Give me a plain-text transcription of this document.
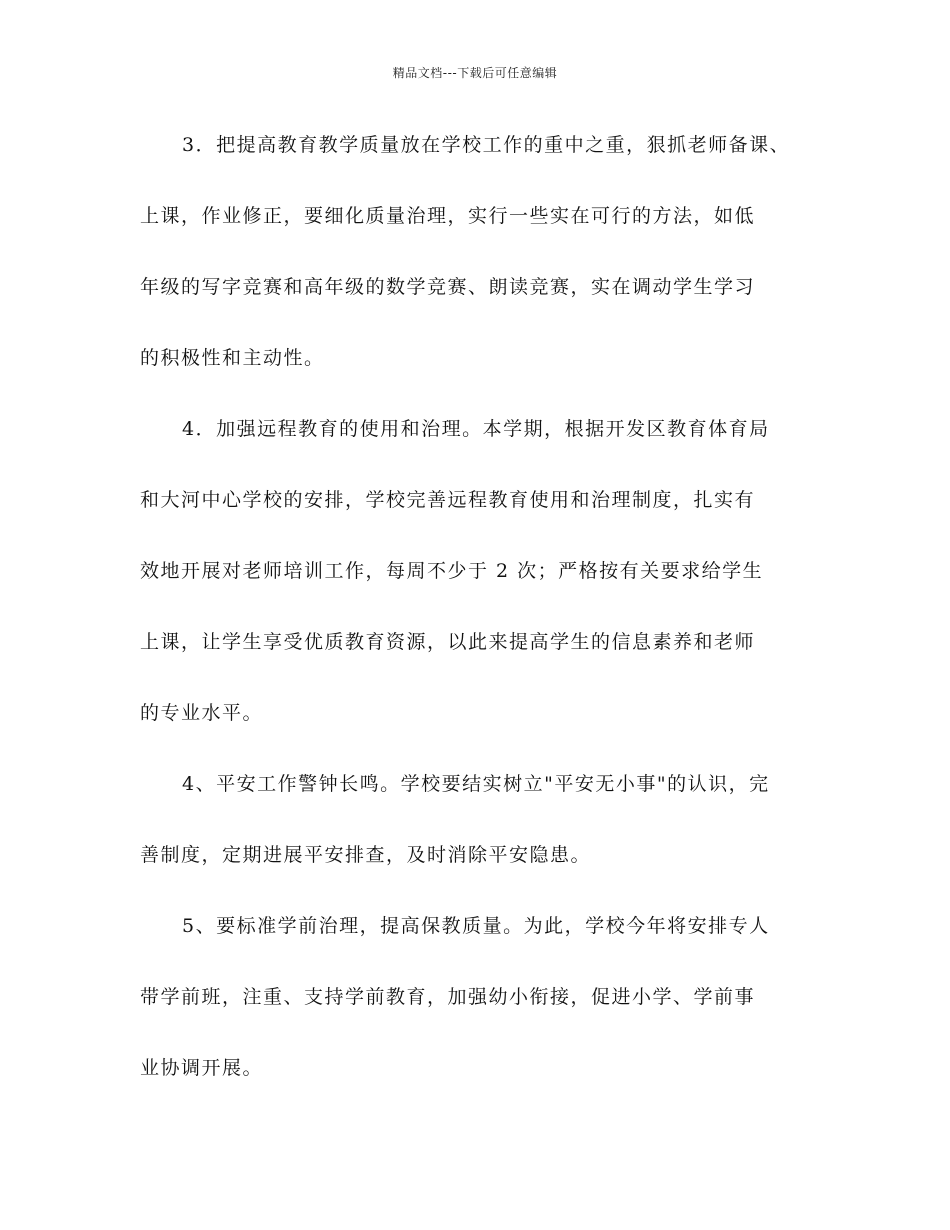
精品文档---下载后可任意编辑
3．把提高教育教学质量放在学校工作的重中之重，狠抓老师备课、
上课，作业修正，要细化质量治理，实行一些实在可行的方法，如低
年级的写字竞赛和高年级的数学竞赛、朗读竞赛，实在调动学生学习
的积极性和主动性。
4．加强远程教育的使用和治理。本学期，根据开发区教育体育局
和大河中心学校的安排，学校完善远程教育使用和治理制度，扎实有
效地开展对老师培训工作，每周不少于 2 次；严格按有关要求给学生
上课，让学生享受优质教育资源，以此来提高学生的信息素养和老师
的专业水平。
4、平安工作警钟长鸣。学校要结实树立"平安无小事"的认识，完
善制度，定期进展平安排查，及时消除平安隐患。
5、要标准学前治理，提高保教质量。为此，学校今年将安排专人
带学前班，注重、支持学前教育，加强幼小衔接，促进小学、学前事
业协调开展。
